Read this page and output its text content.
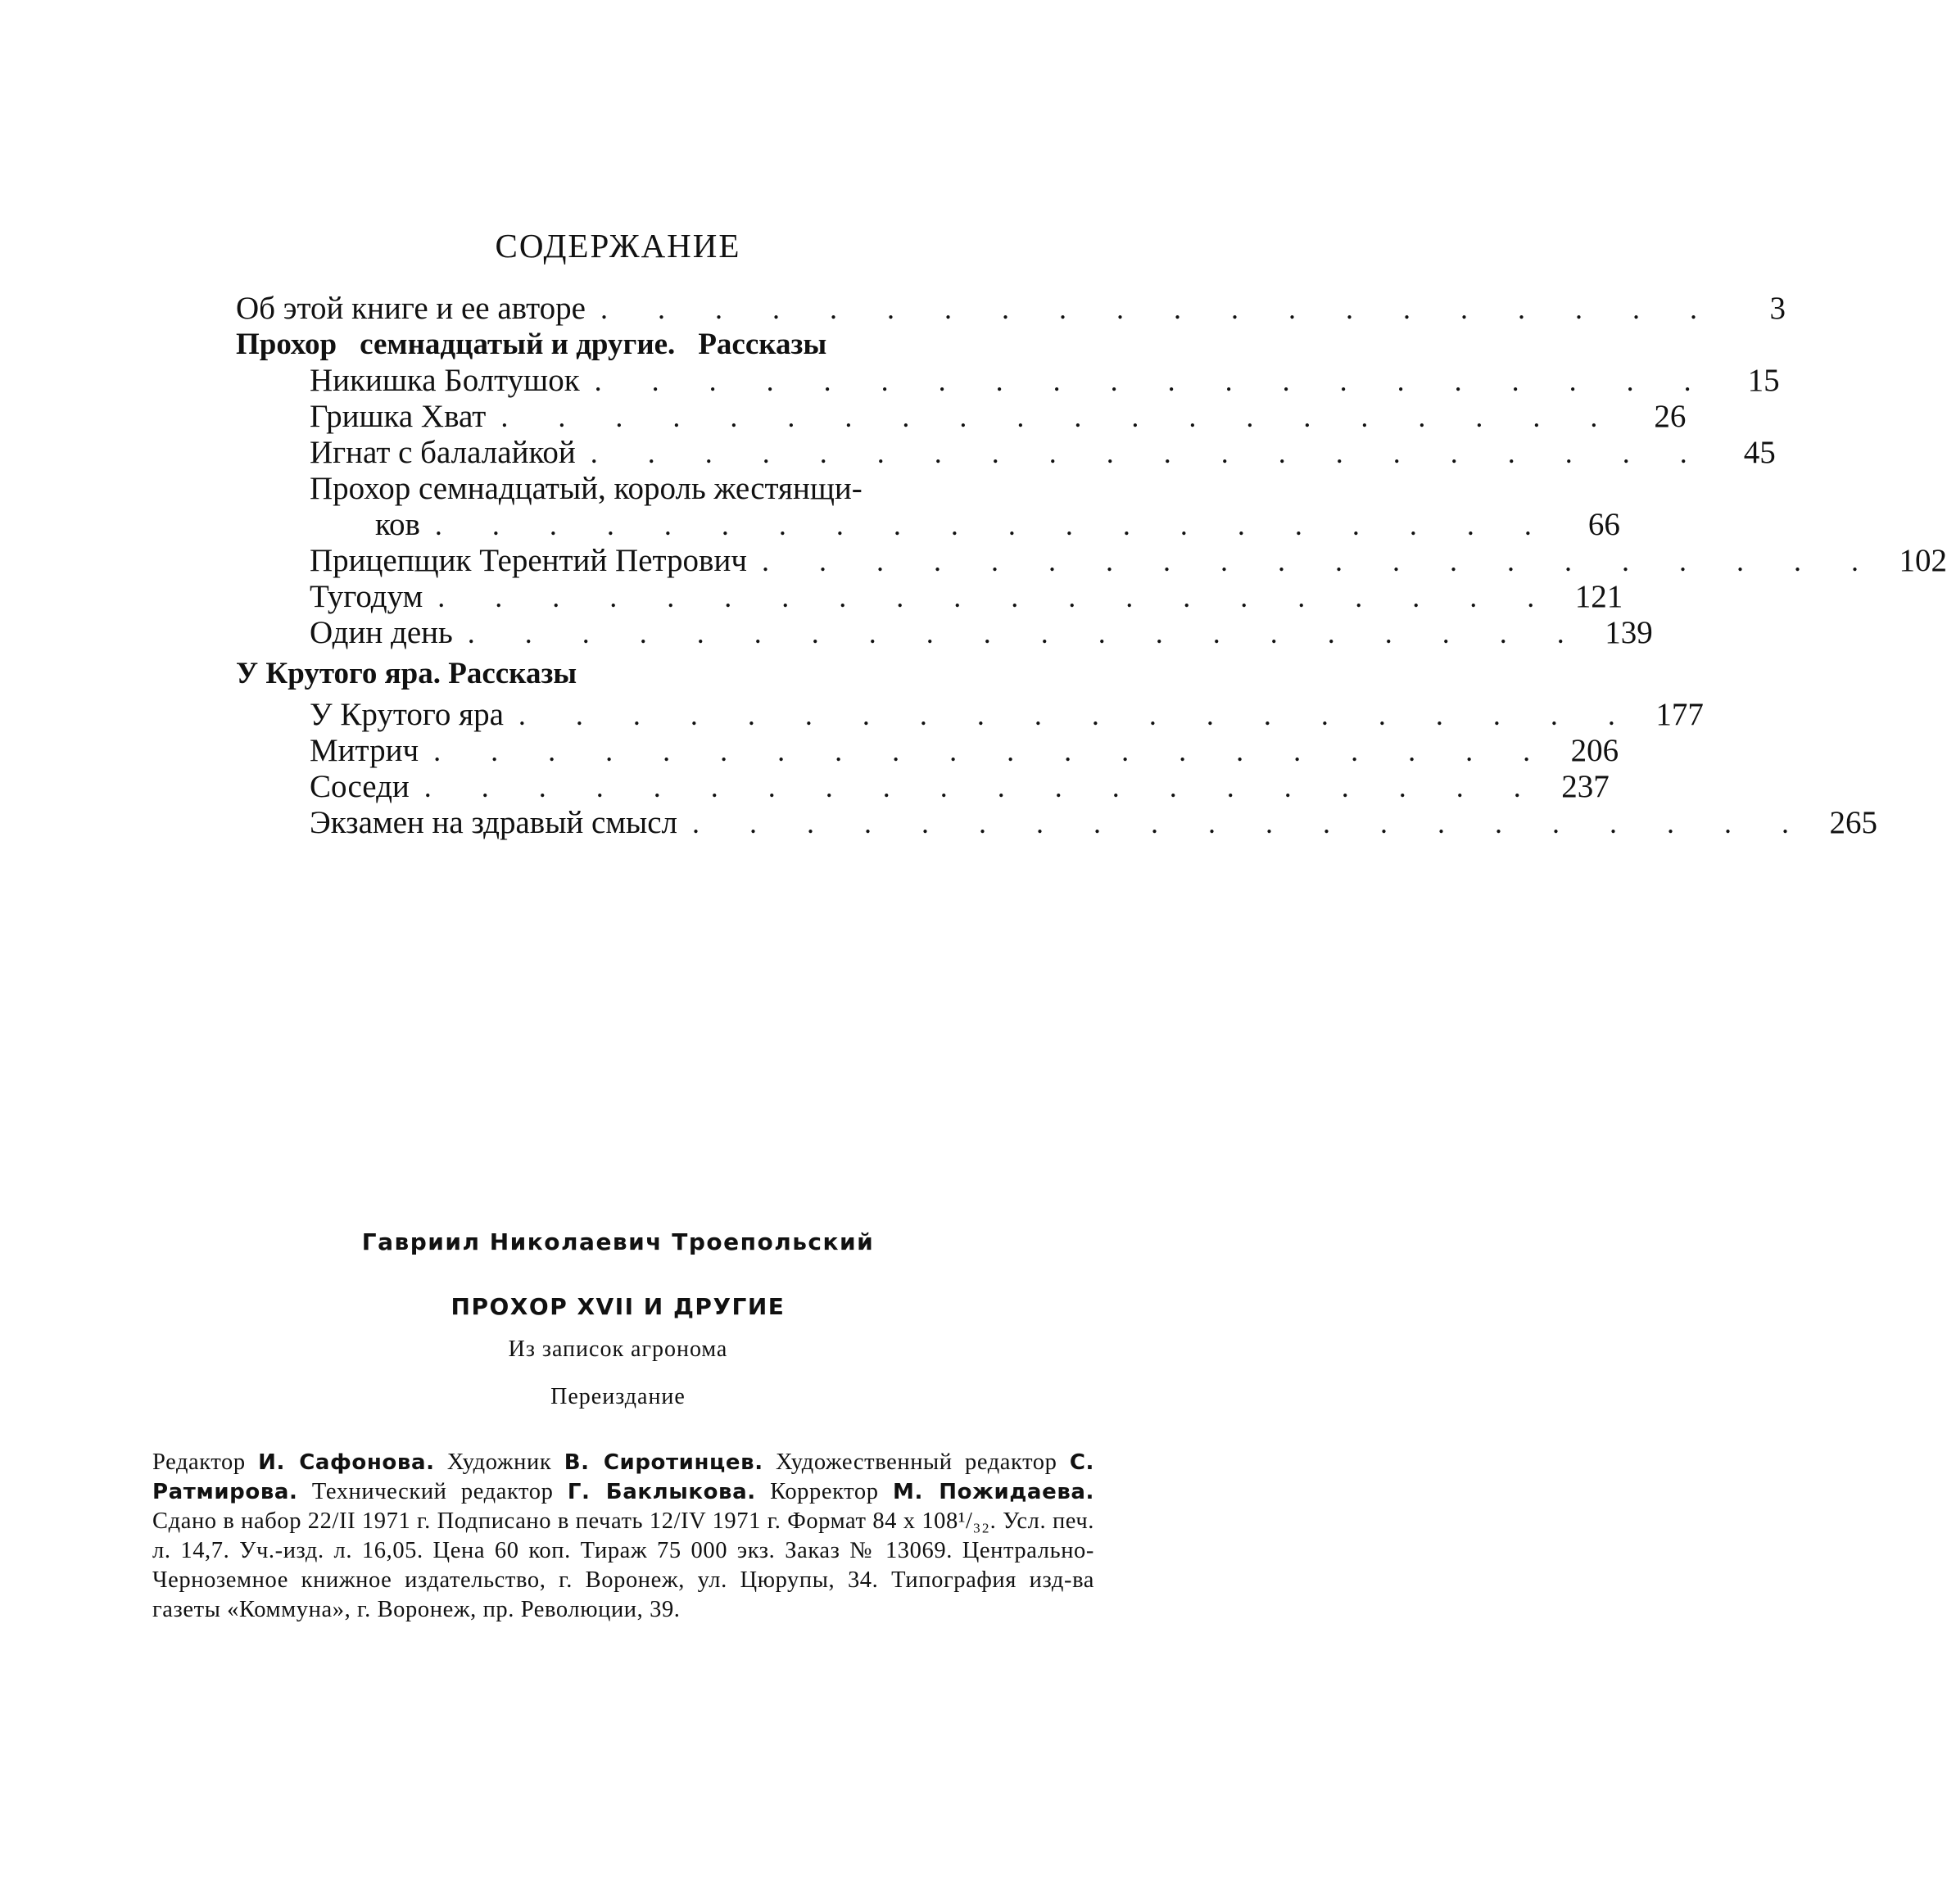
СОДЕРЖАНИЕ
Об этой книге и ее авторе . . . . . . . . . . . . . . . . . . . .	3
Прохор семнадцатый и другие. Рассказы
Никишка Болтушок . . . . . . . . . . . . . . . . . . . .	15
Гришка Хват . . . . . . . . . . . . . . . . . . . .	26
Игнат с балалайкой . . . . . . . . . . . . . . . . . . . .	45
Прохор семнадцатый, король жестянщи-
ков . . . . . . . . . . . . . . . . . . . .	66
Прицепщик Терентий Петрович . . . . . . . . . . . . . . . . . . . . 102
Тугодум . . . . . . . . . . . . . . . . . . . . 121
Один день . . . . . . . . . . . . . . . . . . . . 139
У Крутого яра. Рассказы
У Крутого яра . . . . . . . . . . . . . . . . . . . . 177
Митрич . . . . . . . . . . . . . . . . . . . . 206
Соседи . . . . . . . . . . . . . . . . . . . . 237
Экзамен на здравый смысл . . . . . . . . . . . . . . . . . . . . 265
Гавриил Николаевич Троепольский
ПРОХОР XVII И ДРУГИЕ
Из записок агронома
Переиздание
Редактор И. Сафонова. Художник В. Сиротинцев. Художественный редактор С. Ратмирова. Технический редактор Г. Баклыкова. Корректор М. Пожидаева. Сдано в набор 22/II 1971 г. Подписано в печать 12/IV 1971 г. Формат 84 x 108¹/₃₂. Усл. печ. л. 14,7. Уч.-изд. л. 16,05. Цена 60 коп. Тираж 75 000 экз. Заказ № 13069. Центрально-Черноземное книжное издательство, г. Воронеж, ул. Цюрупы, 34. Типография изд-ва газеты «Коммуна», г. Воронеж, пр. Революции, 39.
